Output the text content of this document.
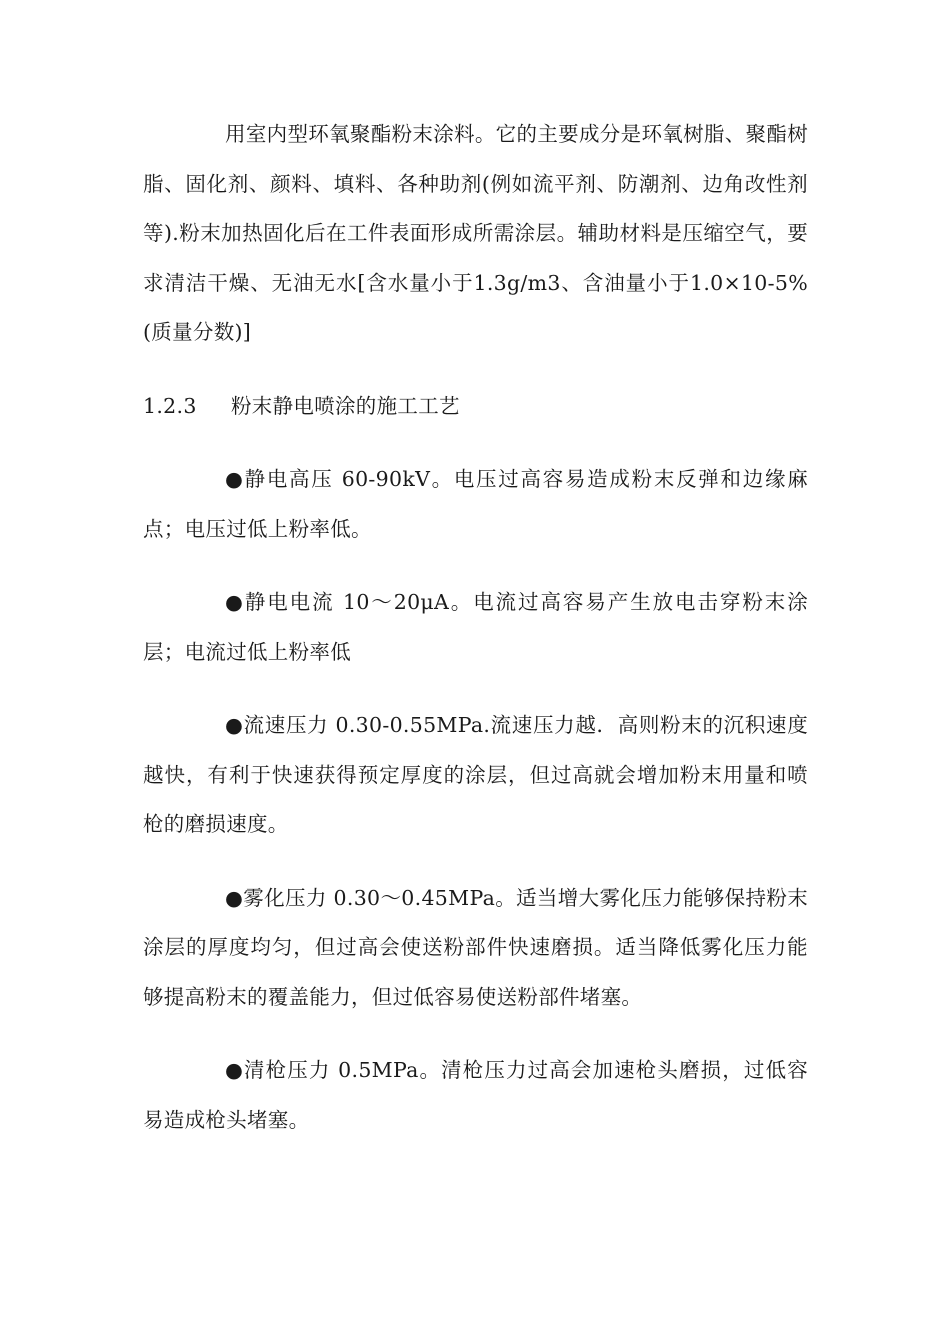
用室内型环氧聚酯粉末涂料。它的主要成分是环氧树脂、聚酯树脂、固化剂、颜料、填料、各种助剂(例如流平剂、防潮剂、边角改性剂等).粉末加热固化后在工件表面形成所需涂层。辅助材料是压缩空气，要求清洁干燥、无油无水[含水量小于1.3g/m3、含油量小于1.0×10-5%(质量分数)]

1.2.3 粉末静电喷涂的施工工艺

●静电高压 60-90kV。电压过高容易造成粉末反弹和边缘麻点；电压过低上粉率低。

●静电电流 10～20μA。电流过高容易产生放电击穿粉末涂层；电流过低上粉率低

●流速压力 0.30-0.55MPa.流速压力越．高则粉末的沉积速度越快，有利于快速获得预定厚度的涂层，但过高就会增加粉末用量和喷枪的磨损速度。

●雾化压力 0.30～0.45MPa。适当增大雾化压力能够保持粉末涂层的厚度均匀，但过高会使送粉部件快速磨损。适当降低雾化压力能够提高粉末的覆盖能力，但过低容易使送粉部件堵塞。

●清枪压力 0.5MPa。清枪压力过高会加速枪头磨损，过低容易造成枪头堵塞。
